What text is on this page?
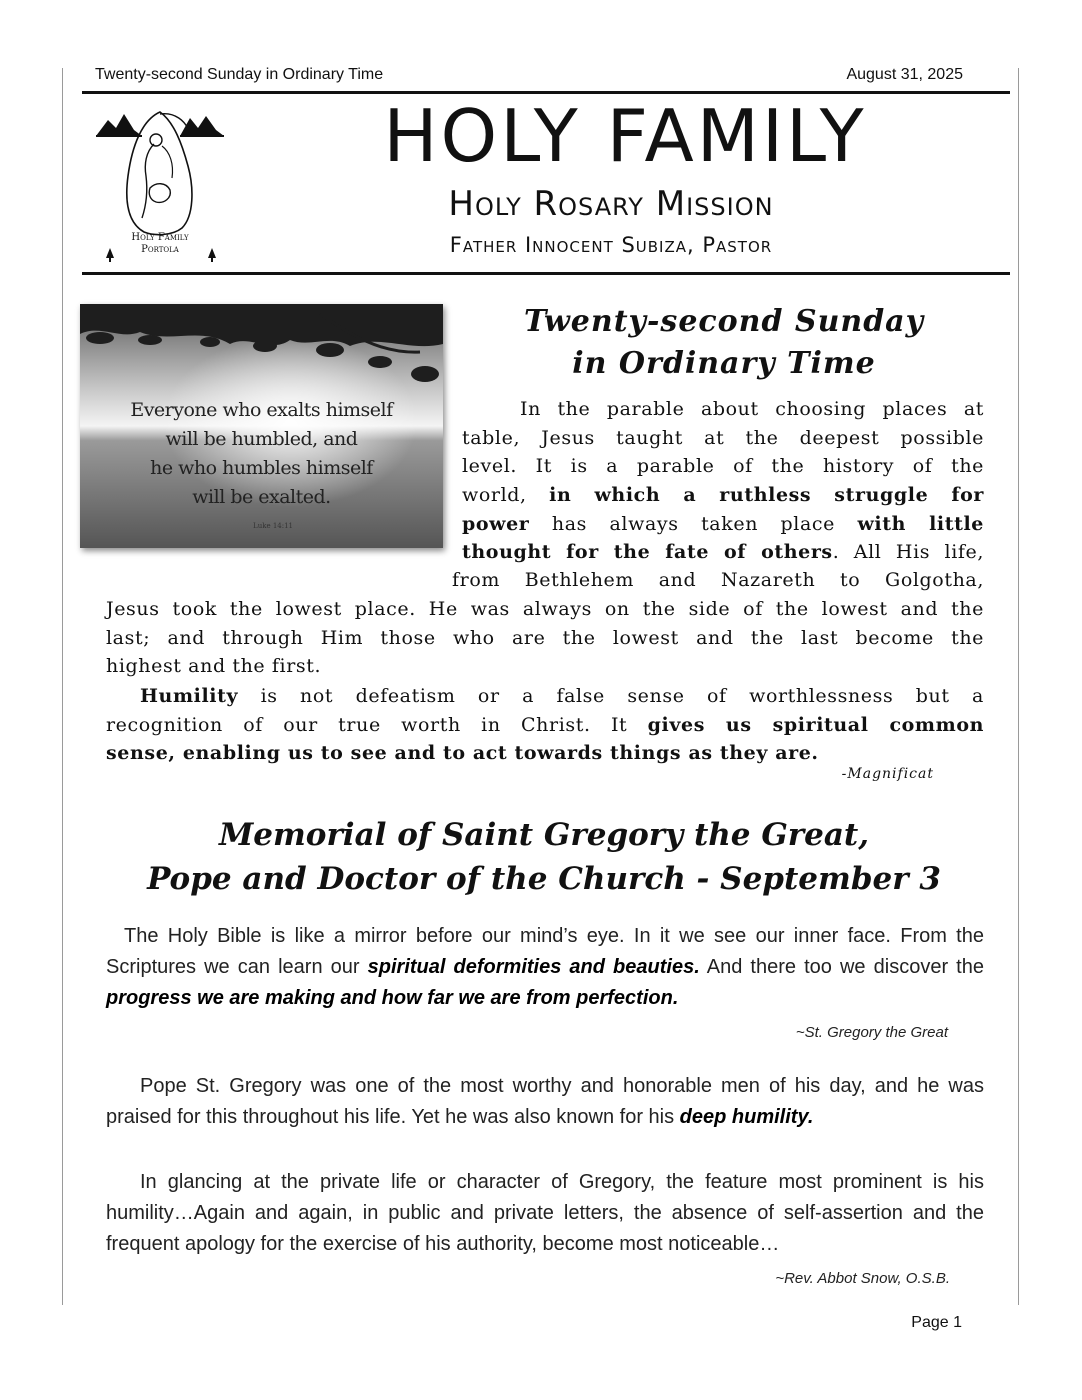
Twenty-second Sunday in Ordinary Time	August 31, 2025
Holy Family
Portola
HOLY FAMILY
Holy Rosary Mission
Father Innocent Subiza, Pastor
Everyone who exalts himself
will be humbled, and
he who humbles himself
will be exalted.
Luke 14:11
Twenty-second Sunday
in Ordinary Time
In the parable about choosing places at
table, Jesus taught at the deepest possible
level. It is a parable of the history of the
world, in which a ruthless struggle for
power has always taken place with little
thought for the fate of others. All His life,
from Bethlehem and Nazareth to Golgotha,
Jesus took the lowest place. He was always on the side of the lowest and the
last; and through Him those who are the lowest and the last become the
highest and the first.
Humility is not defeatism or a false sense of worthlessness but a
recognition of our true worth in Christ. It gives us spiritual common
sense, enabling us to see and to act towards things as they are.
-Magnificat
Memorial of Saint Gregory the Great,
Pope and Doctor of the Church - September 3
The Holy Bible is like a mirror before our mind’s eye. In it we see our inner face. From the Scriptures we can learn our spiritual deformities and beauties. And there too we discover the progress we are making and how far we are from perfection.
~St. Gregory the Great
Pope St. Gregory was one of the most worthy and honorable men of his day, and he was praised for this throughout his life. Yet he was also known for his deep humility.
In glancing at the private life or character of Gregory, the feature most prominent is his humility…Again and again, in public and private letters, the absence of self-assertion and the frequent apology for the exercise of his authority, become most noticeable…
~Rev. Abbot Snow, O.S.B.
Page 1
